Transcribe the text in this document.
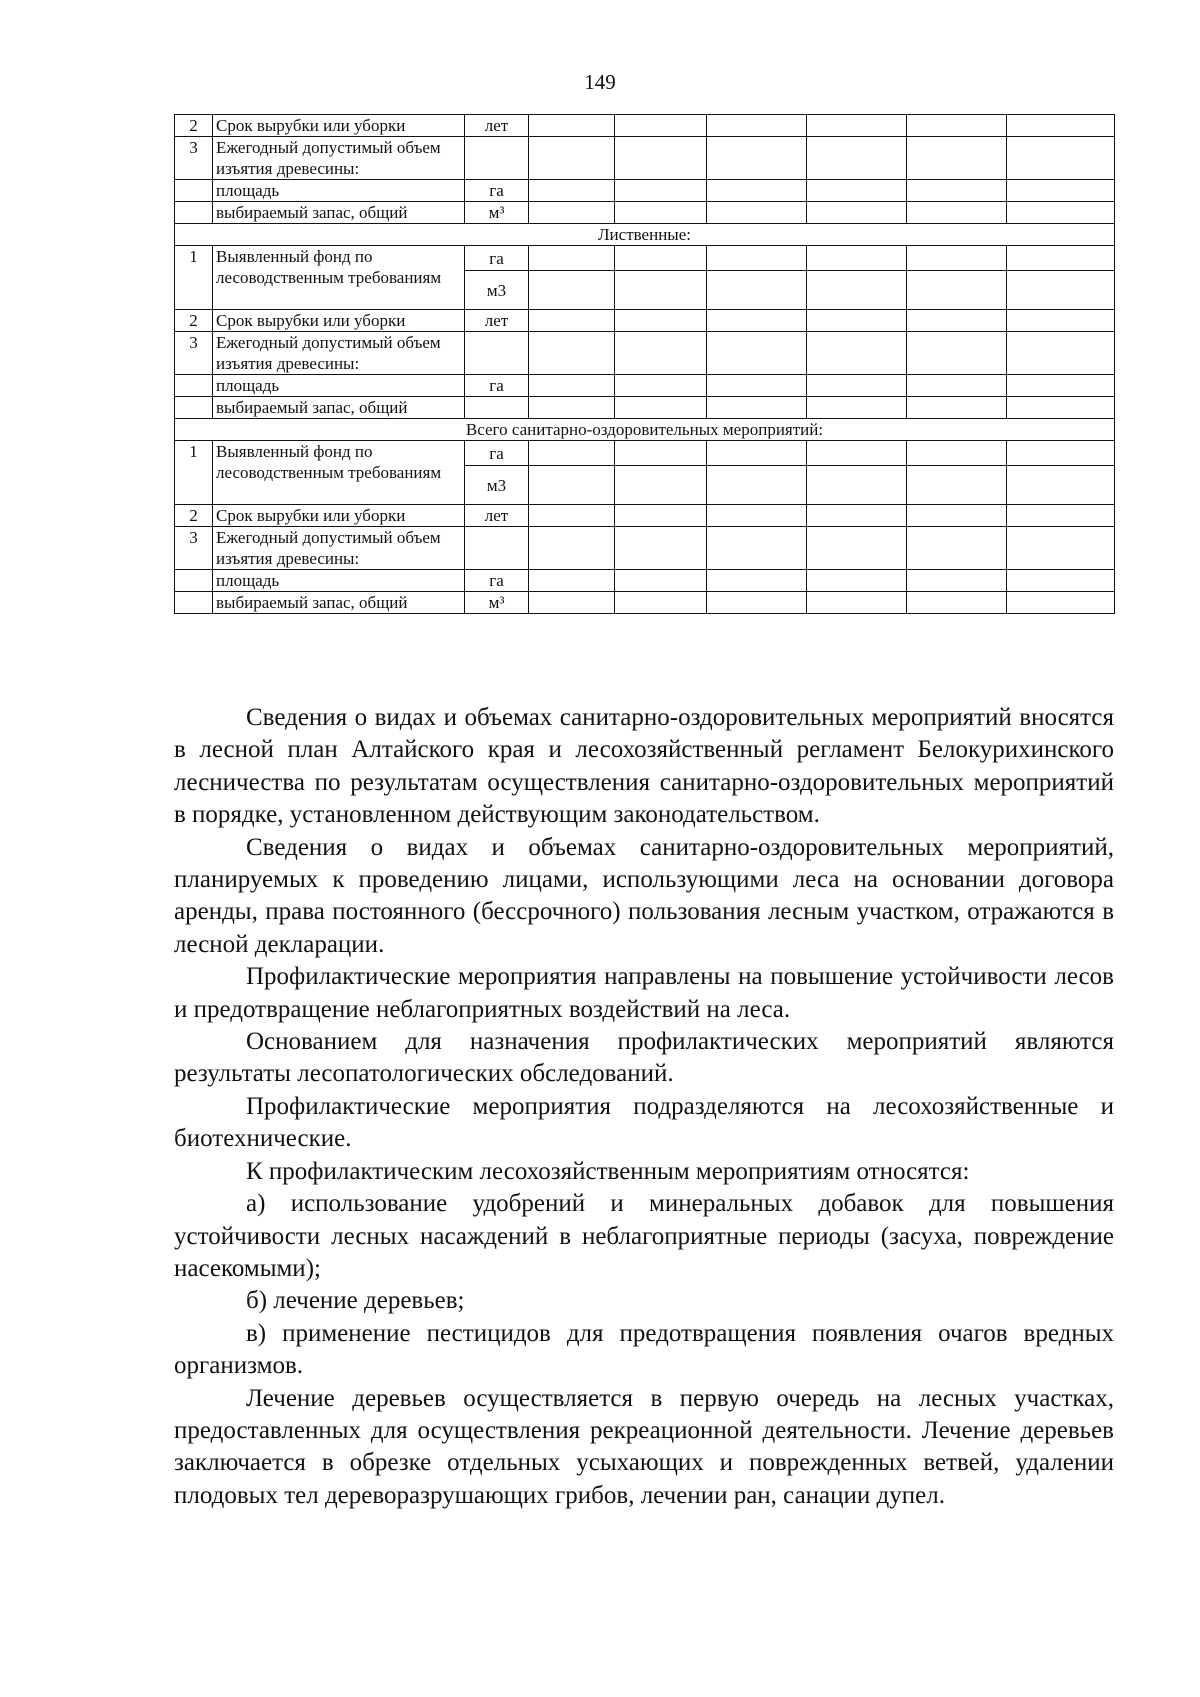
149
2	Срок вырубки или уборки	лет						
3	Ежегодный допустимый объем изъятия древесины:							
	площадь	га						
	выбираемый запас, общий	м³						
Лиственные:								
1	Выявленный фонд по лесоводственным требованиям	га						
		м3						
2	Срок вырубки или уборки	лет						
3	Ежегодный допустимый объем изъятия древесины:							
	площадь	га						
	выбираемый запас, общий							
Всего санитарно-оздоровительных мероприятий:								
1	Выявленный фонд по лесоводственным требованиям	га						
		м3						
2	Срок вырубки или уборки	лет						
3	Ежегодный допустимый объем изъятия древесины:							
	площадь	га						
	выбираемый запас, общий	м³						

Сведения о видах и объемах санитарно-оздоровительных мероприятий вносятся в лесной план Алтайского края и лесохозяйственный регламент Белокурихинского лесничества по результатам осуществления санитарно-оздоровительных мероприятий в порядке, установленном действующим законодательством.

Сведения о видах и объемах санитарно-оздоровительных мероприятий, планируемых к проведению лицами, использующими леса на основании договора аренды, права постоянного (бессрочного) пользования лесным участком, отражаются в лесной декларации.

Профилактические мероприятия направлены на повышение устойчивости лесов и предотвращение неблагоприятных воздействий на леса.

Основанием для назначения профилактических мероприятий являются результаты лесопатологических обследований.

Профилактические мероприятия подразделяются на лесохозяйственные и биотехнические.

К профилактическим лесохозяйственным мероприятиям относятся:

а) использование удобрений и минеральных добавок для повышения устойчивости лесных насаждений в неблагоприятные периоды (засуха, повреждение насекомыми);

б) лечение деревьев;

в) применение пестицидов для предотвращения появления очагов вредных организмов.

Лечение деревьев осуществляется в первую очередь на лесных участках, предоставленных для осуществления рекреационной деятельности. Лечение деревьев заключается в обрезке отдельных усыхающих и поврежденных ветвей, удалении плодовых тел дереворазрушающих грибов, лечении ран, санации дупел.
